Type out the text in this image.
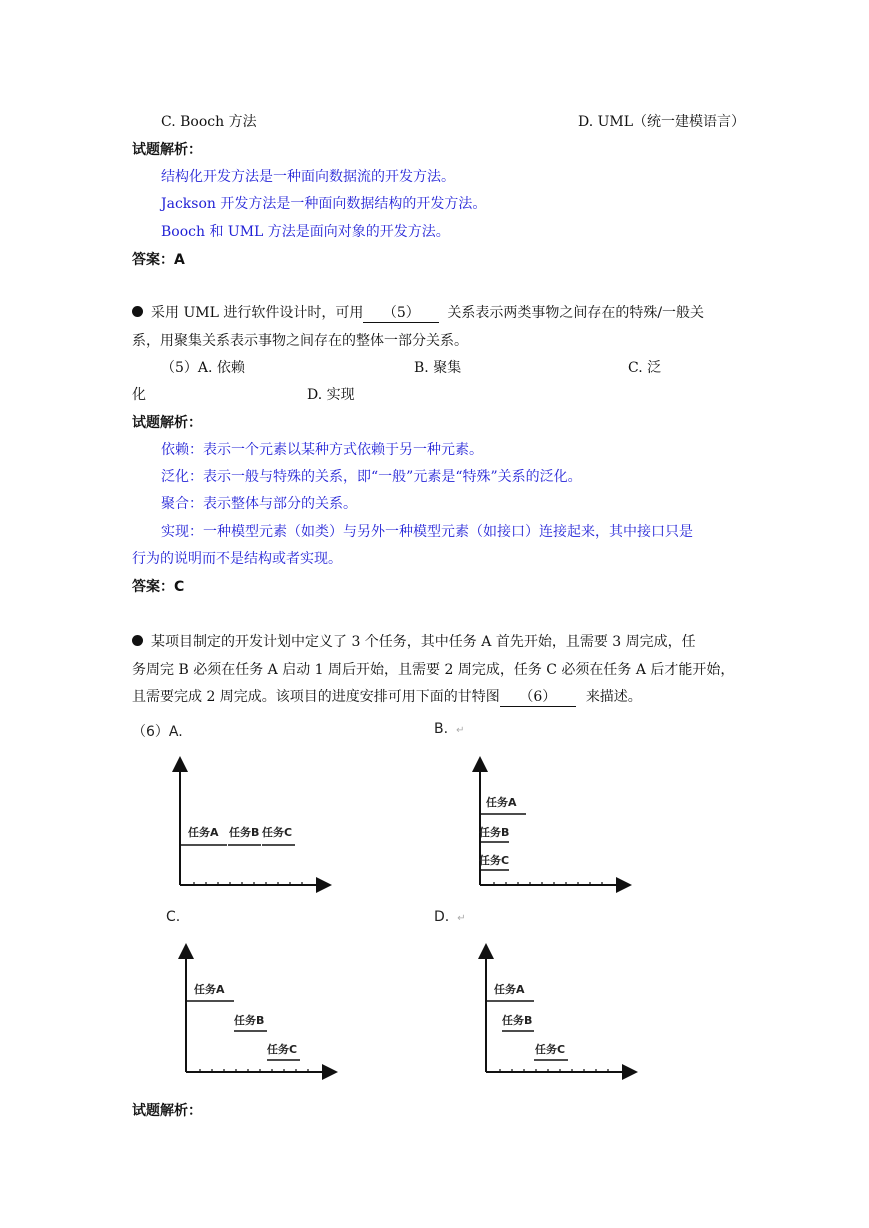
C. Booch 方法	D. UML（统一建模语言）
试题解析：
结构化开发方法是一种面向数据流的开发方法。
Jackson 开发方法是一种面向数据结构的开发方法。
Booch 和 UML 方法是面向对象的开发方法。
答案：A
采用 UML 进行软件设计时，可用 （5） 关系表示两类事物之间存在的特殊/一般关
系，用聚集关系表示事物之间存在的整体一部分关系。
（5）A. 依赖	B. 聚集	C. 泛
化	D. 实现
试题解析：
依赖：表示一个元素以某种方式依赖于另一种元素。
泛化：表示一般与特殊的关系，即“一般”元素是“特殊”关系的泛化。
聚合：表示整体与部分的关系。
实现：一种模型元素（如类）与另外一种模型元素（如接口）连接起来，其中接口只是
行为的说明而不是结构或者实现。
答案：C
某项目制定的开发计划中定义了 3 个任务，其中任务 A 首先开始，且需要 3 周完成，任
务周完 B 必须在任务 A 启动 1 周后开始，且需要 2 周完成，任务 C 必须在任务 A 后才能开始，
且需要完成 2 周完成。该项目的进度安排可用下面的甘特图 （6） 来描述。
（6）A.	B. ↵
C.	D. ↵
任务A 任务B 任务C
任务A
任务B
任务C
任务A
任务B
任务C
任务A
任务B
任务C
试题解析：
